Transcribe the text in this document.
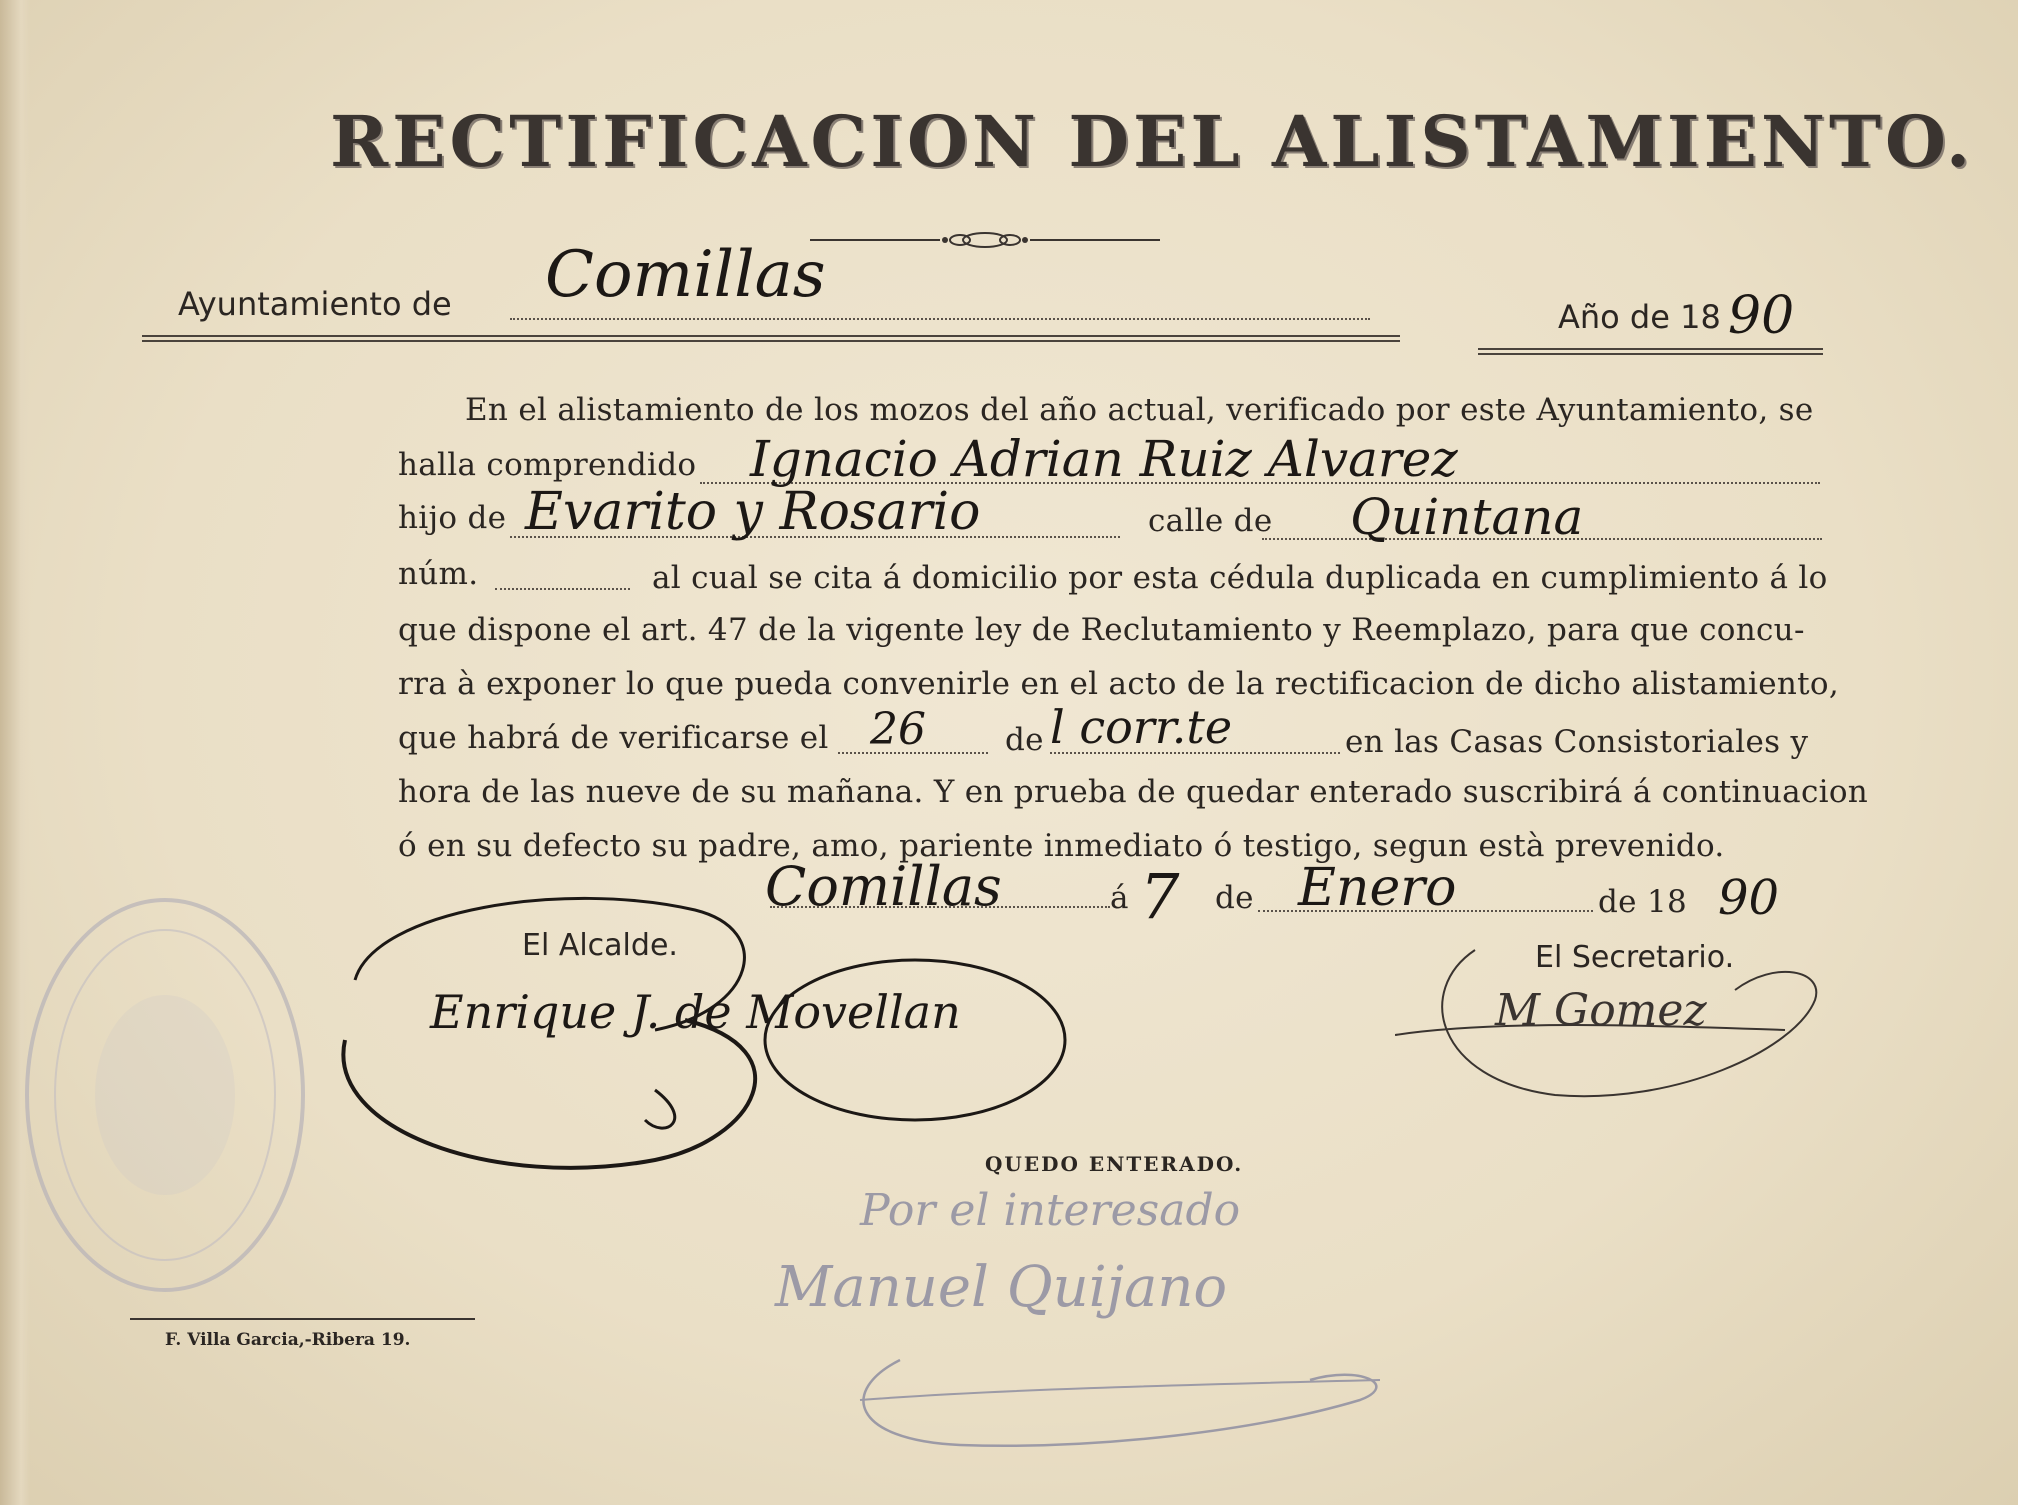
RECTIFICACION DEL ALISTAMIENTO.
Ayuntamiento de Comillas
Año de 18 90
En el alistamiento de los mozos del año actual, verificado por este Ayuntamiento, se
halla comprendido Ignacio Adrian Ruiz Alvarez
hijo de Evarito y Rosario	calle de Quintana
núm.	al cual se cita á domicilio por esta cédula duplicada en cumplimiento á lo
que dispone el art. 47 de la vigente ley de Reclutamiento y Reemplazo, para que concu-
rra à exponer lo que pueda convenirle en el acto de la rectificacion de dicho alistamiento,
que habrá de verificarse el 26	de l corr.te	en las Casas Consistoriales y
hora de las nueve de su mañana. Y en prueba de quedar enterado suscribirá á continuacion
ó en su defecto su padre, amo, pariente inmediato ó testigo, segun està prevenido.
Comillas	á 7 de Enero	de 18 90
El Alcalde.
Enrique J. de Movellan
El Secretario.
M Gomez
QUEDO ENTERADO.
Por el interesado
Manuel Quijano
F. Villa Garcia,-Ribera 19.
